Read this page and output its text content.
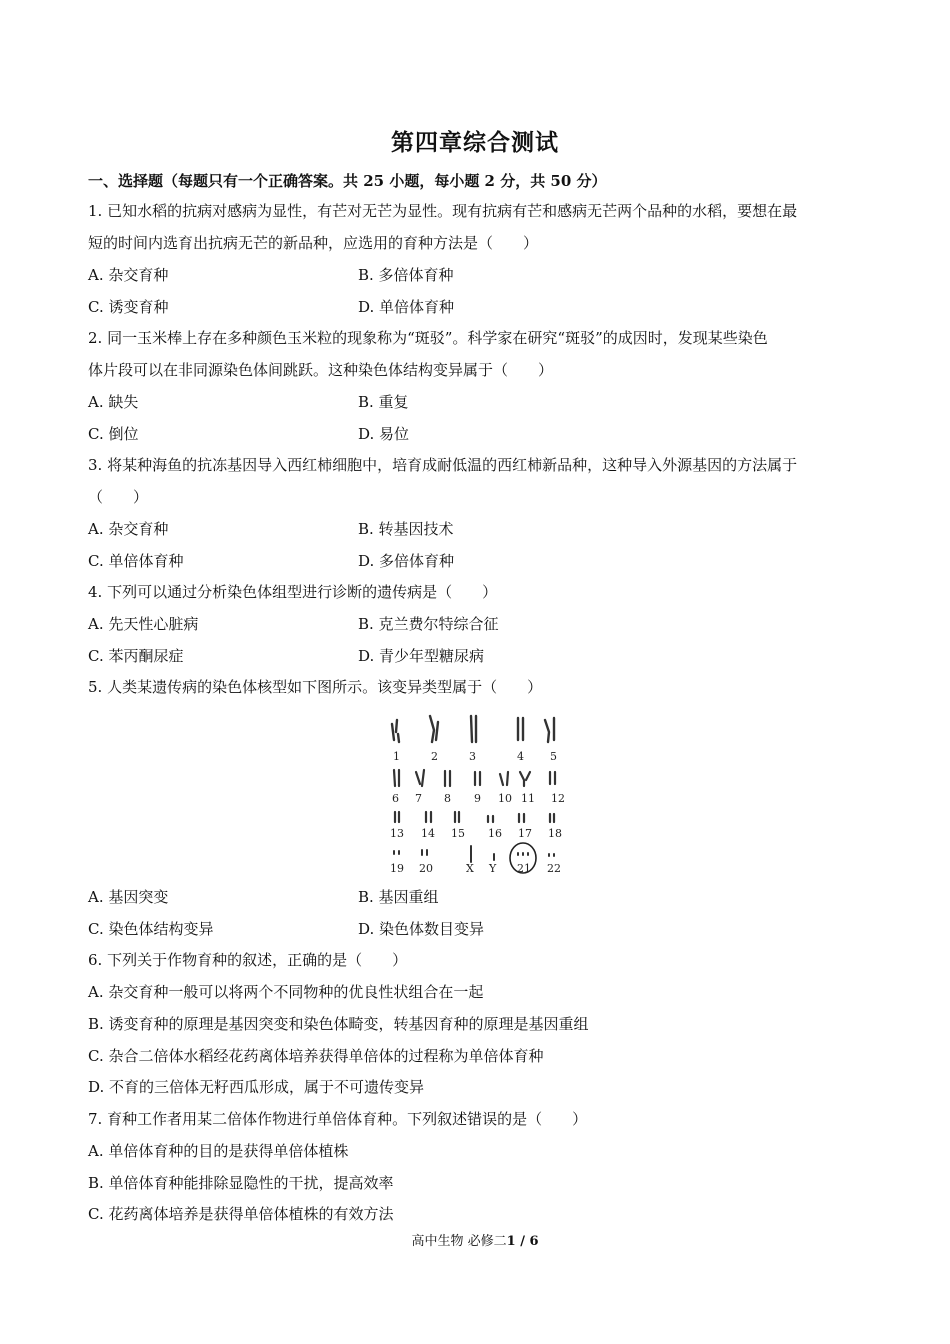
第四章综合测试
一、选择题（每题只有一个正确答案。共 25 小题，每小题 2 分，共 50 分）
1. 已知水稻的抗病对感病为显性，有芒对无芒为显性。现有抗病有芒和感病无芒两个品种的水稻，要想在最
短的时间内选育出抗病无芒的新品种，应选用的育种方法是（　　）
A. 杂交育种	B. 多倍体育种
C. 诱变育种	D. 单倍体育种
2. 同一玉米棒上存在多种颜色玉米粒的现象称为“斑驳”。科学家在研究“斑驳”的成因时，发现某些染色
体片段可以在非同源染色体间跳跃。这种染色体结构变异属于（　　）
A. 缺失	B. 重复
C. 倒位	D. 易位
3. 将某种海鱼的抗冻基因导入西红柿细胞中，培育成耐低温的西红柿新品种，这种导入外源基因的方法属于
（　　）
A. 杂交育种	B. 转基因技术
C. 单倍体育种	D. 多倍体育种
4. 下列可以通过分析染色体组型进行诊断的遗传病是（　　）
A. 先天性心脏病	B. 克兰费尔特综合征
C. 苯丙酮尿症	D. 青少年型糖尿病
5. 人类某遗传病的染色体核型如下图所示。该变异类型属于（　　）
1	2	3	4 5
6 7 8 9 10 11 12
13 14 15 16 17 18
19 20	X Y 21 22
A. 基因突变	B. 基因重组
C. 染色体结构变异	D. 染色体数目变异
6. 下列关于作物育种的叙述，正确的是（　　）
A. 杂交育种一般可以将两个不同物种的优良性状组合在一起
B. 诱变育种的原理是基因突变和染色体畸变，转基因育种的原理是基因重组
C. 杂合二倍体水稻经花药离体培养获得单倍体的过程称为单倍体育种
D. 不育的三倍体无籽西瓜形成，属于不可遗传变异
7. 育种工作者用某二倍体作物进行单倍体育种。下列叙述错误的是（　　）
A. 单倍体育种的目的是获得单倍体植株
B. 单倍体育种能排除显隐性的干扰，提高效率
C. 花药离体培养是获得单倍体植株的有效方法
高中生物 必修二1 / 6
